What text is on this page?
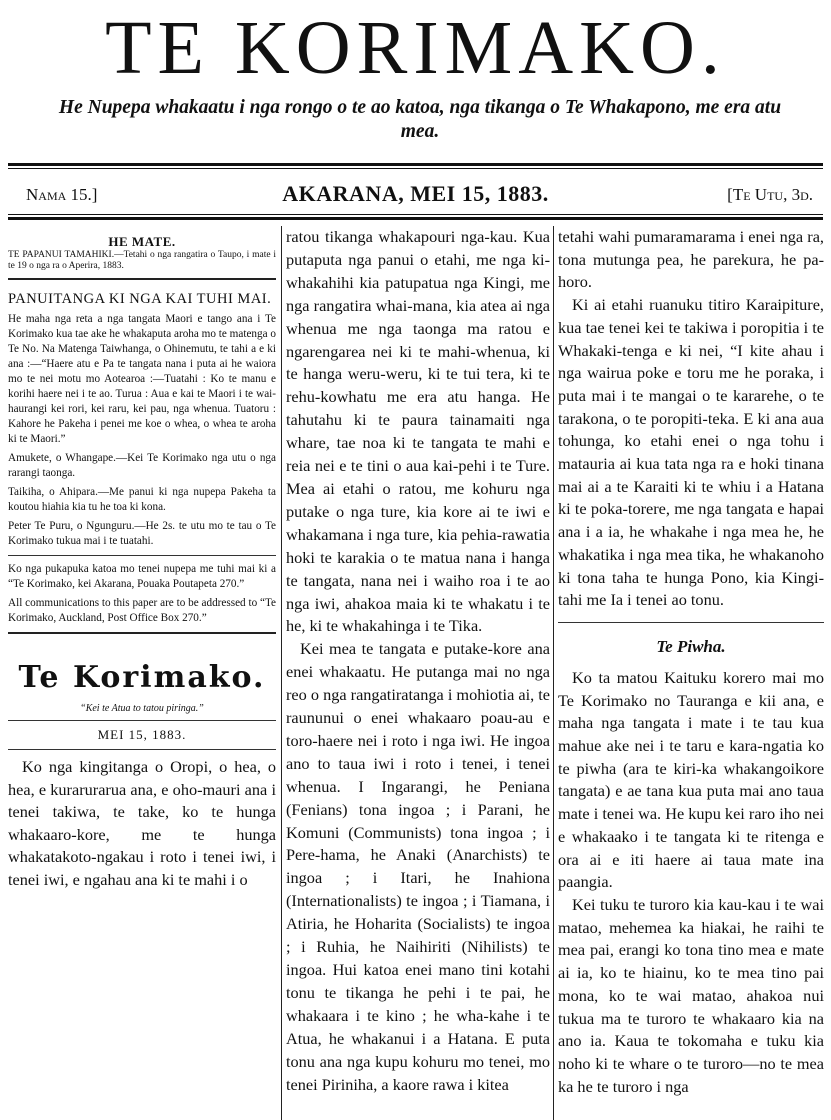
TE KORIMAKO.
He Nupepa whakaatu i nga rongo o te ao katoa, nga tikanga o Te Whakapono, me era atu mea.
Nama 15.]	AKARANA, MEI 15, 1883.	[Te Utu, 3d.
HE MATE.
TE PAPANUI TAMAHIKI.—Tetahi o nga rangatira o Taupo, i mate i te 19 o nga ra o Aperira, 1883.
PANUITANGA KI NGA KAI TUHI MAI.
He maha nga reta a nga tangata Maori e tango ana i Te Korimako kua tae ake he whakaputa aroha mo te matenga o Te No. Na Matenga Taiwhanga, o Ohinemutu, te tahi a e ki ana :—“Haere atu e Pa te tangata nana i puta ai he waiora mo te nei motu mo Aotearoa :—Tuatahi : Ko te manu e korihi haere nei i te ao. Turua : Aua e kai te Maori i te wai-haurangi kei rori, kei raru, kei pau, nga whenua. Tuatoru : Kahore he Pakeha i penei me koe o whea, o whea te aroha ki te Maori.”
Amukete, o Whangape.—Kei Te Korimako nga utu o nga rarangi taonga.
Taikiha, o Ahipara.—Me panui ki nga nupepa Pakeha ta koutou hiahia kia tu he toa ki kona.
Peter Te Puru, o Ngunguru.—He 2s. te utu mo te tau o Te Korimako tukua mai i te tuatahi.
Ko nga pukapuka katoa mo tenei nupepa me tuhi mai ki a “Te Korimako, kei Akarana, Pouaka Poutapeta 270.”
All communications to this paper are to be addressed to “Te Korimako, Auckland, Post Office Box 270.”
Te Korimako.
“Kei te Atua to tatou piringa.”
MEI 15, 1883.
Ko nga kingitanga o Oropi, o hea, o hea, e kurarurarua ana, e oho-mauri ana i tenei takiwa, te take, ko te hunga whakaaro-kore, me te hunga whakatakoto-ngakau i roto i tenei iwi, i tenei iwi, e ngahau ana ki te mahi i o
ratou tikanga whakapouri nga-kau. Kua putaputa nga panui o etahi, me nga ki-whakahihi kia patupatua nga Kingi, me nga rangatira whai-mana, kia atea ai nga whenua me nga taonga ma ratou e ngarengarea nei ki te mahi-whenua, ki te hanga weru-weru, ki te tui tera, ki te rehu-kowhatu me era atu hanga. He tahutahu ki te paura tainamaiti nga whare, tae noa ki te tangata te mahi e reia nei e te tini o aua kai-pehi i te Ture. Mea ai etahi o ratou, me kohuru nga putake o nga ture, kia kore ai te iwi e whakamana i nga ture, kia pehia-rawatia hoki te karakia o te matua nana i hanga te tangata, nana nei i waiho roa i te ao nga iwi, ahakoa maia ki te whakatu i te he, ki te whakahinga i te Tika.
Kei mea te tangata e putake-kore ana enei whakaatu. He putanga mai no nga reo o nga rangatiratanga i mohiotia ai, te raununui o enei whakaaro poau-au e toro-haere nei i roto i nga iwi. He ingoa ano to taua iwi i roto i tenei, i tenei whenua. I Ingarangi, he Peniana (Fenians) tona ingoa ; i Parani, he Komuni (Communists) tona ingoa ; i Pere-hama, he Anaki (Anarchists) te ingoa ; i Itari, he Inahiona (Internationalists) te ingoa ; i Tiamana, i Atiria, he Hoharita (Socialists) te ingoa ; i Ruhia, he Naihiriti (Nihilists) te ingoa. Hui katoa enei mano tini kotahi tonu te tikanga he pehi i te pai, he whakaara i te kino ; he wha-kahe i te Atua, he whakanui i a Hatana. E puta tonu ana nga kupu kohuru mo tenei, mo tenei Piriniha, a kaore rawa i kitea
tetahi wahi pumaramarama i enei nga ra, tona mutunga pea, he parekura, he pa-horo.
Ki ai etahi ruanuku titiro Karaipiture, kua tae tenei kei te takiwa i poropitia i te Whakaki-tenga e ki nei, “I kite ahau i nga wairua poke e toru me he poraka, i puta mai i te mangai o te kararehe, o te tarakona, o te poropiti-teka. E ki ana aua tohunga, ko etahi enei o nga tohu i matauria ai kua tata nga ra e hoki tinana mai ai a te Karaiti ki te whiu i a Hatana ki te poka-torere, me nga tangata e hapai ana i a ia, he whakahe i nga mea he, he whakatika i nga mea tika, he whakanoho ki tona taha te hunga Pono, kia Kingi-tahi me Ia i tenei ao tonu.
Te Piwha.
Ko ta matou Kaituku korero mai mo Te Korimako no Tauranga e kii ana, e maha nga tangata i mate i te tau kua mahue ake nei i te taru e kara-ngatia ko te piwha (ara te kiri-ka whakangoikore tangata) e ae tana kua puta mai ano taua mate i tenei wa. He kupu kei raro iho nei e whakaako i te tangata ki te ritenga e ora ai e iti haere ai taua mate ina paangia.
Kei tuku te turoro kia kau-kau i te wai matao, mehemea ka hiakai, he raihi te mea pai, erangi ko tona tino mea e mate ai ia, ko te hiainu, ko te mea tino pai mona, ko te wai matao, ahakoa nui tukua ma te turoro te whakaaro kia na ano ia. Kaua te tokomaha e tuku kia noho ki te whare o te turoro—no te mea ka he te turoro i nga
